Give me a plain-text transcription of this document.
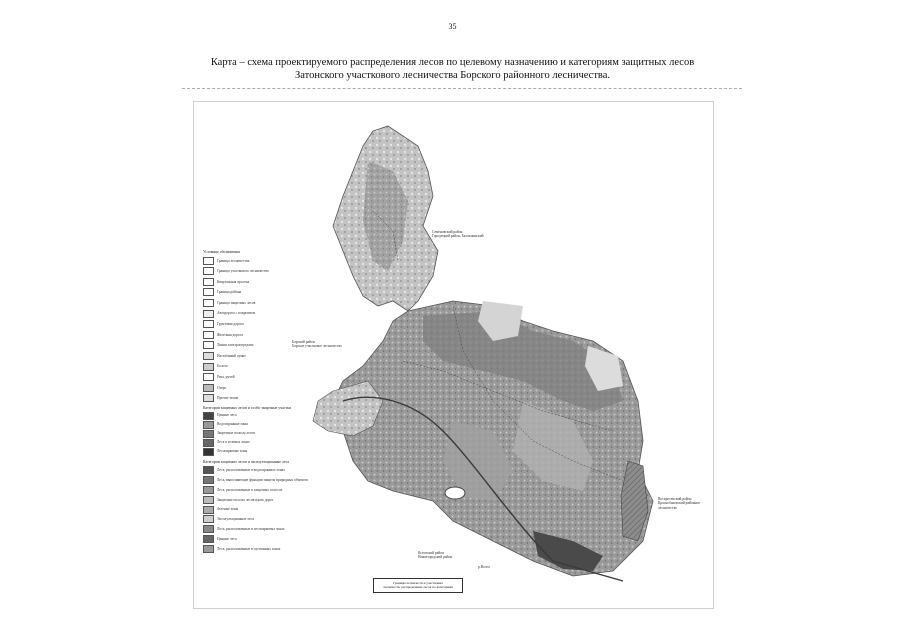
35
Карта – схема проектируемого распределения лесов по целевому назначению и категориям защитных лесов
Затонского участкового лесничества Борского районного лесничества.
Семёновский район
Городецкий район, Балахнинский
Борский район
Борское участковое лесничество
Воскресенский район
Краснобаковский районное
лесничество
Кстовский район
Нижегородский район
р.Волга
Границы лесничеств и участковых
лесничеств, распределение лесов по категориям
Условные обозначения
Граница лесничества
Граница участкового лесничества
Квартальная просека
Граница района
Граница защитных лесов
Автодорога с покрытием
Грунтовая дорога
Железная дорога
Линия электропередачи
Населённый пункт
Болото
Река, ручей
Озеро
Прочие земли
Категории защитных лесов и особо защитные участки
Ценные леса
Водоохранные зоны
Запретные полосы лесов
Леса в зеленых зонах
Лесопарковые зоны
Категории защитных лесов и эксплуатационные леса
Леса, расположенные в водоохранных зонах
Леса, выполняющие функции защиты природных объектов
Леса, расположенные в защитных полосах
Защитные полосы лесов вдоль дорог
Зеленые зоны
Эксплуатационные леса
Леса, расположенные в лесопарковых зонах
Ценные леса
Леса, расположенные в пустынных зонах
